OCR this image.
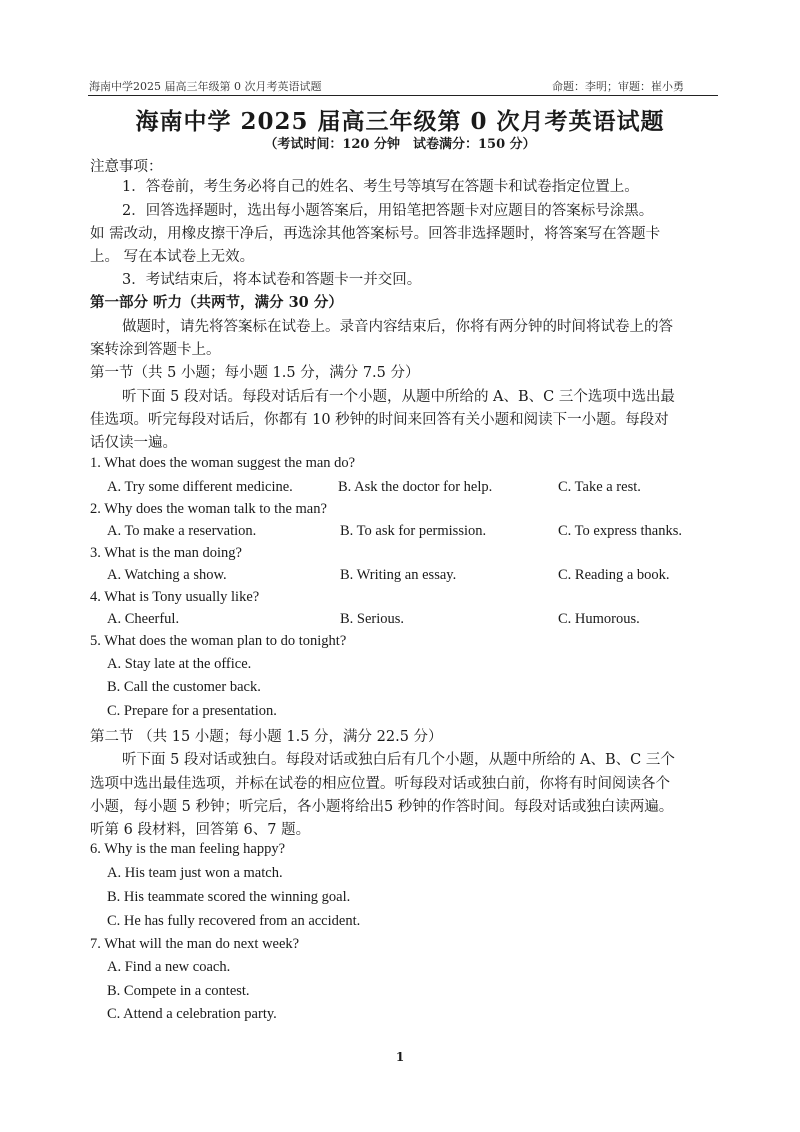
海南中学2025 届高三年级第 0 次月考英语试题	命题：李明；审题：崔小勇
海南中学 2025 届高三年级第 0 次月考英语试题
（考试时间：120 分钟　试卷满分：150 分）
注意事项：
1．答卷前，考生务必将自己的姓名、考生号等填写在答题卡和试卷指定位置上。
2．回答选择题时，选出每小题答案后，用铅笔把答题卡对应题目的答案标号涂黑。
如 需改动，用橡皮擦干净后，再选涂其他答案标号。回答非选择题时，将答案写在答题卡
上。 写在本试卷上无效。
3．考试结束后，将本试卷和答题卡一并交回。
第一部分 听力（共两节，满分 30 分）
做题时，请先将答案标在试卷上。录音内容结束后，你将有两分钟的时间将试卷上的答
案转涂到答题卡上。
第一节（共 5 小题；每小题 1.5 分，满分 7.5 分）
听下面 5 段对话。每段对话后有一个小题，从题中所给的 A、B、C 三个选项中选出最
佳选项。听完每段对话后，你都有 10 秒钟的时间来回答有关小题和阅读下一小题。每段对
话仅读一遍。
1. What does the woman suggest the man do?
A. Try some different medicine.	B. Ask the doctor for help.	C. Take a rest.
2. Why does the woman talk to the man?
A. To make a reservation.	B. To ask for permission.	C. To express thanks.
3. What is the man doing?
A. Watching a show.	B. Writing an essay.	C. Reading a book.
4. What is Tony usually like?
A. Cheerful.	B. Serious.	C. Humorous.
5. What does the woman plan to do tonight?
A. Stay late at the office.
B. Call the customer back.
C. Prepare for a presentation.
第二节 （共 15 小题；每小题 1.5 分，满分 22.5 分）
听下面 5 段对话或独白。每段对话或独白后有几个小题，从题中所给的 A、B、C 三个
选项中选出最佳选项，并标在试卷的相应位置。听每段对话或独白前，你将有时间阅读各个
小题，每小题 5 秒钟；听完后，各小题将给出5 秒钟的作答时间。每段对话或独白读两遍。
听第 6 段材料，回答第 6、7 题。
6. Why is the man feeling happy?
A. His team just won a match.
B. His teammate scored the winning goal.
C. He has fully recovered from an accident.
7. What will the man do next week?
A. Find a new coach.
B. Compete in a contest.
C. Attend a celebration party.
1
